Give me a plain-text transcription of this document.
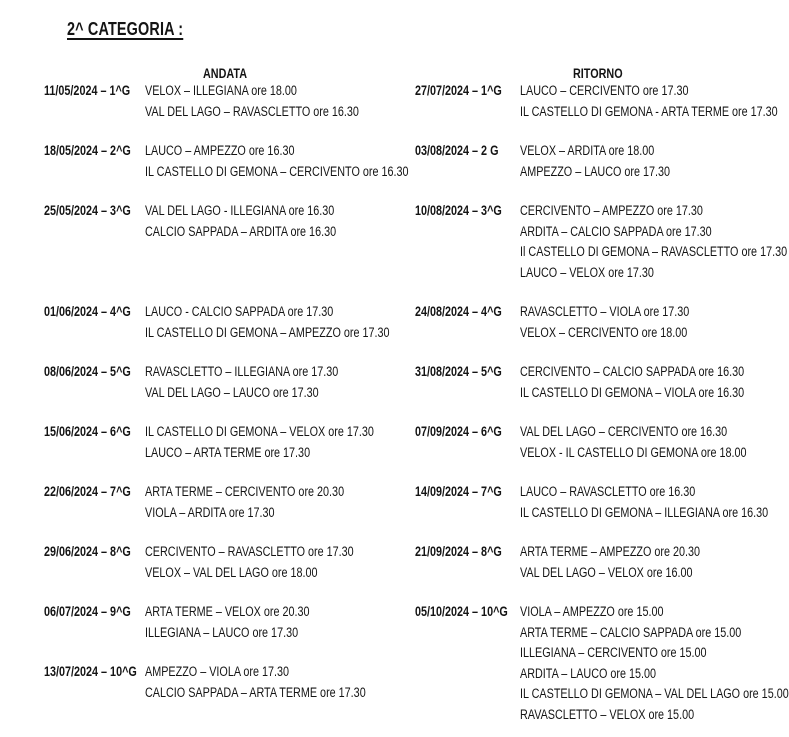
2^ CATEGORIA :
ANDATA	RITORNO
11/05/2024 – 1^G	VELOX – ILLEGIANA ore 18.00
VAL DEL LAGO – RAVASCLETTO ore 16.30
27/07/2024 – 1^G	LAUCO – CERCIVENTO ore 17.30
IL CASTELLO DI GEMONA - ARTA TERME ore 17.30
18/05/2024 – 2^G	LAUCO – AMPEZZO ore 16.30
IL CASTELLO DI GEMONA – CERCIVENTO ore 16.30
03/08/2024 – 2 G	VELOX – ARDITA ore 18.00
AMPEZZO – LAUCO ore 17.30
25/05/2024 – 3^G	VAL DEL LAGO - ILLEGIANA ore 16.30
CALCIO SAPPADA – ARDITA ore 16.30
10/08/2024 – 3^G	CERCIVENTO – AMPEZZO ore 17.30
ARDITA – CALCIO SAPPADA ore 17.30
Il CASTELLO DI GEMONA – RAVASCLETTO ore 17.30
LAUCO – VELOX ore 17.30
01/06/2024 – 4^G	LAUCO - CALCIO SAPPADA ore 17.30
IL CASTELLO DI GEMONA – AMPEZZO ore 17.30
24/08/2024 – 4^G	RAVASCLETTO – VIOLA ore 17.30
VELOX – CERCIVENTO ore 18.00
08/06/2024 – 5^G	RAVASCLETTO – ILLEGIANA ore 17.30
VAL DEL LAGO – LAUCO ore 17.30
31/08/2024 – 5^G	CERCIVENTO – CALCIO SAPPADA ore 16.30
IL CASTELLO DI GEMONA – VIOLA ore 16.30
15/06/2024 – 6^G	IL CASTELLO DI GEMONA – VELOX ore 17.30
LAUCO – ARTA TERME ore 17.30
07/09/2024 – 6^G	VAL DEL LAGO – CERCIVENTO ore 16.30
VELOX - IL CASTELLO DI GEMONA ore 18.00
22/06/2024 – 7^G	ARTA TERME – CERCIVENTO ore 20.30
VIOLA – ARDITA ore 17.30
14/09/2024 – 7^G	LAUCO – RAVASCLETTO ore 16.30
IL CASTELLO DI GEMONA – ILLEGIANA ore 16.30
29/06/2024 – 8^G	CERCIVENTO – RAVASCLETTO ore 17.30
VELOX – VAL DEL LAGO ore 18.00
21/09/2024 – 8^G	ARTA TERME – AMPEZZO ore 20.30
VAL DEL LAGO – VELOX ore 16.00
06/07/2024 – 9^G	ARTA TERME – VELOX ore 20.30
ILLEGIANA – LAUCO ore 17.30
13/07/2024 – 10^G AMPEZZO – VIOLA ore 17.30
CALCIO SAPPADA – ARTA TERME ore 17.30
05/10/2024 – 10^G VIOLA – AMPEZZO ore 15.00
ARTA TERME – CALCIO SAPPADA ore 15.00
ILLEGIANA – CERCIVENTO ore 15.00
ARDITA – LAUCO ore 15.00
IL CASTELLO DI GEMONA – VAL DEL LAGO ore 15.00
RAVASCLETTO – VELOX ore 15.00
